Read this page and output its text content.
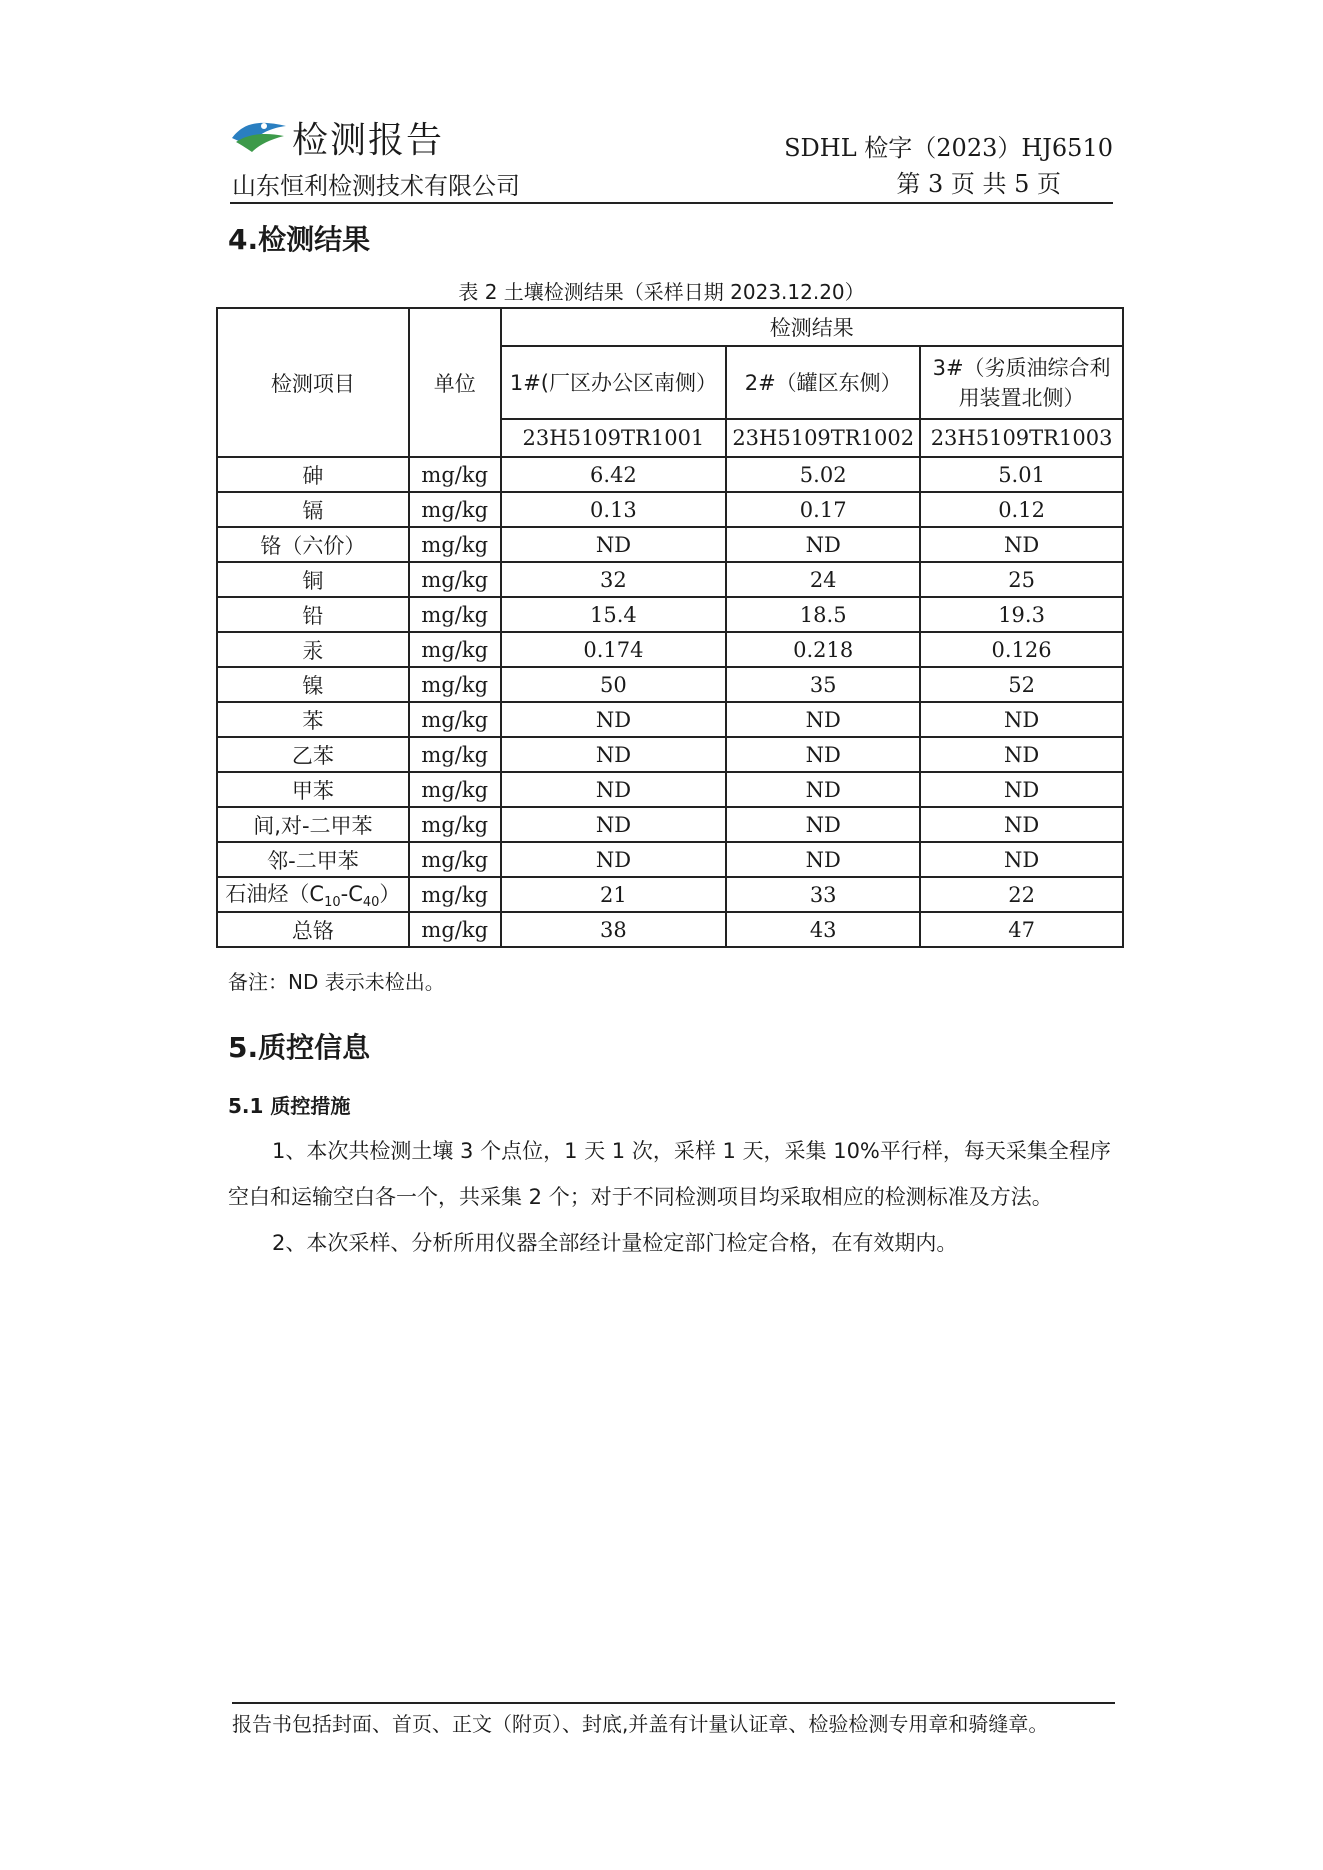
检测报告
山东恒利检测技术有限公司
SDHL 检字（2023）HJ6510
第 3 页 共 5 页
4.检测结果
表 2 土壤检测结果（采样日期 2023.12.20）
检测项目	单位	检测结果		
		1#(厂区办公区南侧）	2#（罐区东侧）	3#（劣质油综合利用装置北侧）
		23H5109TR1001	23H5109TR1002	23H5109TR1003
砷	mg/kg	6.42	5.02	5.01
镉	mg/kg	0.13	0.17	0.12
铬（六价）	mg/kg	ND	ND	ND
铜	mg/kg	32	24	25
铅	mg/kg	15.4	18.5	19.3
汞	mg/kg	0.174	0.218	0.126
镍	mg/kg	50	35	52
苯	mg/kg	ND	ND	ND
乙苯	mg/kg	ND	ND	ND
甲苯	mg/kg	ND	ND	ND
间,对-二甲苯	mg/kg	ND	ND	ND
邻-二甲苯	mg/kg	ND	ND	ND
石油烃$(C_{10}-C_{40})$	mg/kg	21	33	22
总铬	mg/kg	38	43	47
备注：ND 表示未检出。
5.质控信息
5.1 质控措施
1、本次共检测土壤 3 个点位，1 天 1 次，采样 1 天，采集 10%平行样，每天采集全程序空白和运输空白各一个，共采集 2 个；对于不同检测项目均采取相应的检测标准及方法。
2、本次采样、分析所用仪器全部经计量检定部门检定合格，在有效期内。
报告书包括封面、首页、正文（附页）、封底,并盖有计量认证章、检验检测专用章和骑缝章。
